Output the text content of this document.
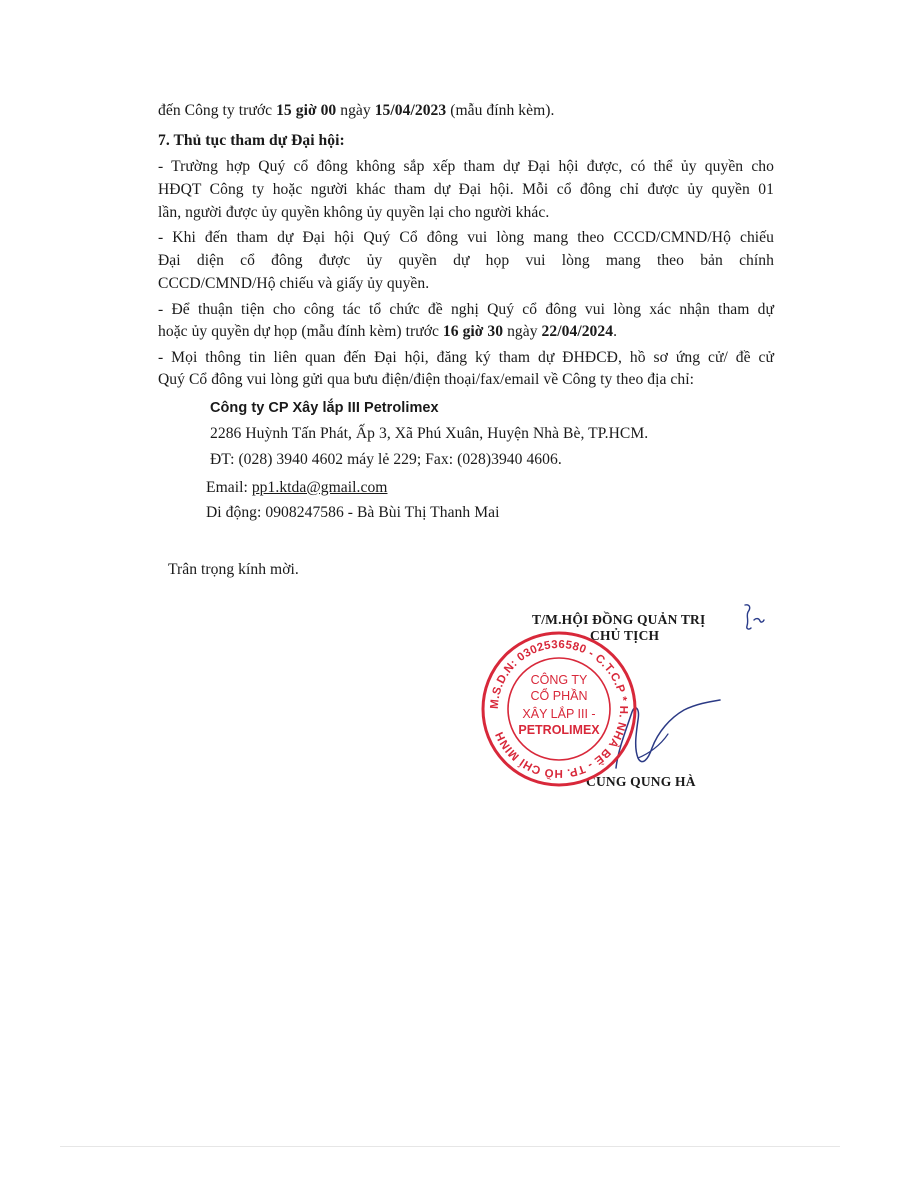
đến Công ty trước 15 giờ 00 ngày 15/04/2023 (mẫu đính kèm).
7. Thủ tục tham dự Đại hội:
- Trường hợp Quý cổ đông không sắp xếp tham dự Đại hội được, có thể ủy quyền cho
HĐQT Công ty hoặc người khác tham dự Đại hội. Mỗi cổ đông chỉ được ủy quyền 01
lần, người được ủy quyền không ủy quyền lại cho người khác.
- Khi đến tham dự Đại hội Quý Cổ đông vui lòng mang theo CCCD/CMND/Hộ chiếu
Đại diện cổ đông được ủy quyền dự họp vui lòng mang theo bản chính
CCCD/CMND/Hộ chiếu và giấy ủy quyền.
- Để thuận tiện cho công tác tổ chức đề nghị Quý cổ đông vui lòng xác nhận tham dự
hoặc ủy quyền dự họp (mẫu đính kèm) trước 16 giờ 30 ngày 22/04/2024.
- Mọi thông tin liên quan đến Đại hội, đăng ký tham dự ĐHĐCĐ, hồ sơ ứng cử/ đề cử
Quý Cổ đông vui lòng gửi qua bưu điện/điện thoại/fax/email về Công ty theo địa chỉ:
Công ty CP Xây lắp III Petrolimex
2286 Huỳnh Tấn Phát, Ấp 3, Xã Phú Xuân, Huyện Nhà Bè, TP.HCM.
ĐT: (028) 3940 4602 máy lẻ 229; Fax: (028)3940 4606.
Email: pp1.ktda@gmail.com
Di động: 0908247586 - Bà Bùi Thị Thanh Mai
Trân trọng kính mời.
T/M.HỘI ĐỒNG QUẢN TRỊ
CHỦ TỊCH
CUNG QUNG HÀ
M.S.D.N: 0302536580 - C.T.C.P * H. NHÀ BÈ - TP. HỒ CHÍ MINH
CÔNG TY
CỔ PHẦN
XÂY LẮP III -
PETROLIMEX
